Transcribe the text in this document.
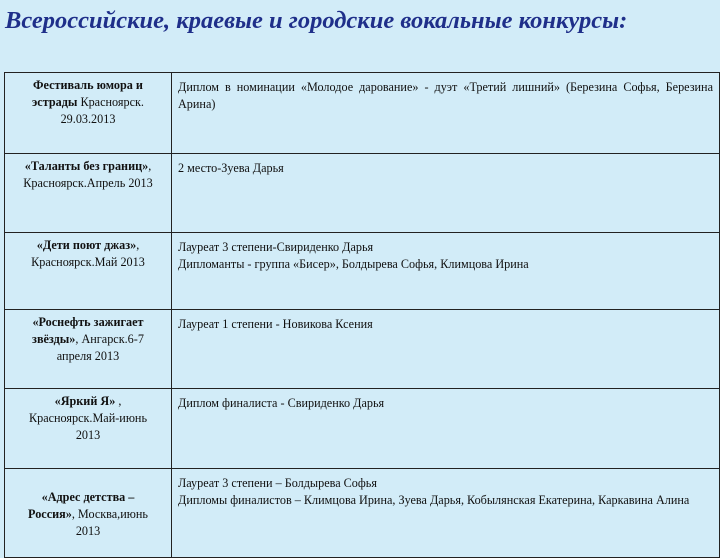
Всероссийские, краевые и городские вокальные конкурсы:
Фестиваль юмора и
эстрады Красноярск.
29.03.2013	Диплом в номинации «Молодое дарование» - дуэт «Третий лишний» (Березина Софья, Березина Арина)

«Таланты без границ»,
Красноярск.Апрель 2013	2 место-Зуева Дарья

«Дети поют джаз»,
Красноярск.Май 2013	Лауреат 3 степени-Свириденко Дарья
Дипломанты - группа «Бисер», Болдырева Софья, Климцова Ирина

«Роснефть зажигает
звёзды», Ангарск.6-7
апреля 2013	Лауреат 1 степени - Новикова Ксения

«Яркий Я» ,
Красноярск.Май-июнь
2013	Диплом финалиста - Свириденко Дарья

«Адрес детства –
Россия», Москва,июнь
2013	Лауреат 3 степени – Болдырева Софья
Дипломы финалистов – Климцова Ирина, Зуева Дарья, Кобылянская Екатерина, Каркавина Алина
